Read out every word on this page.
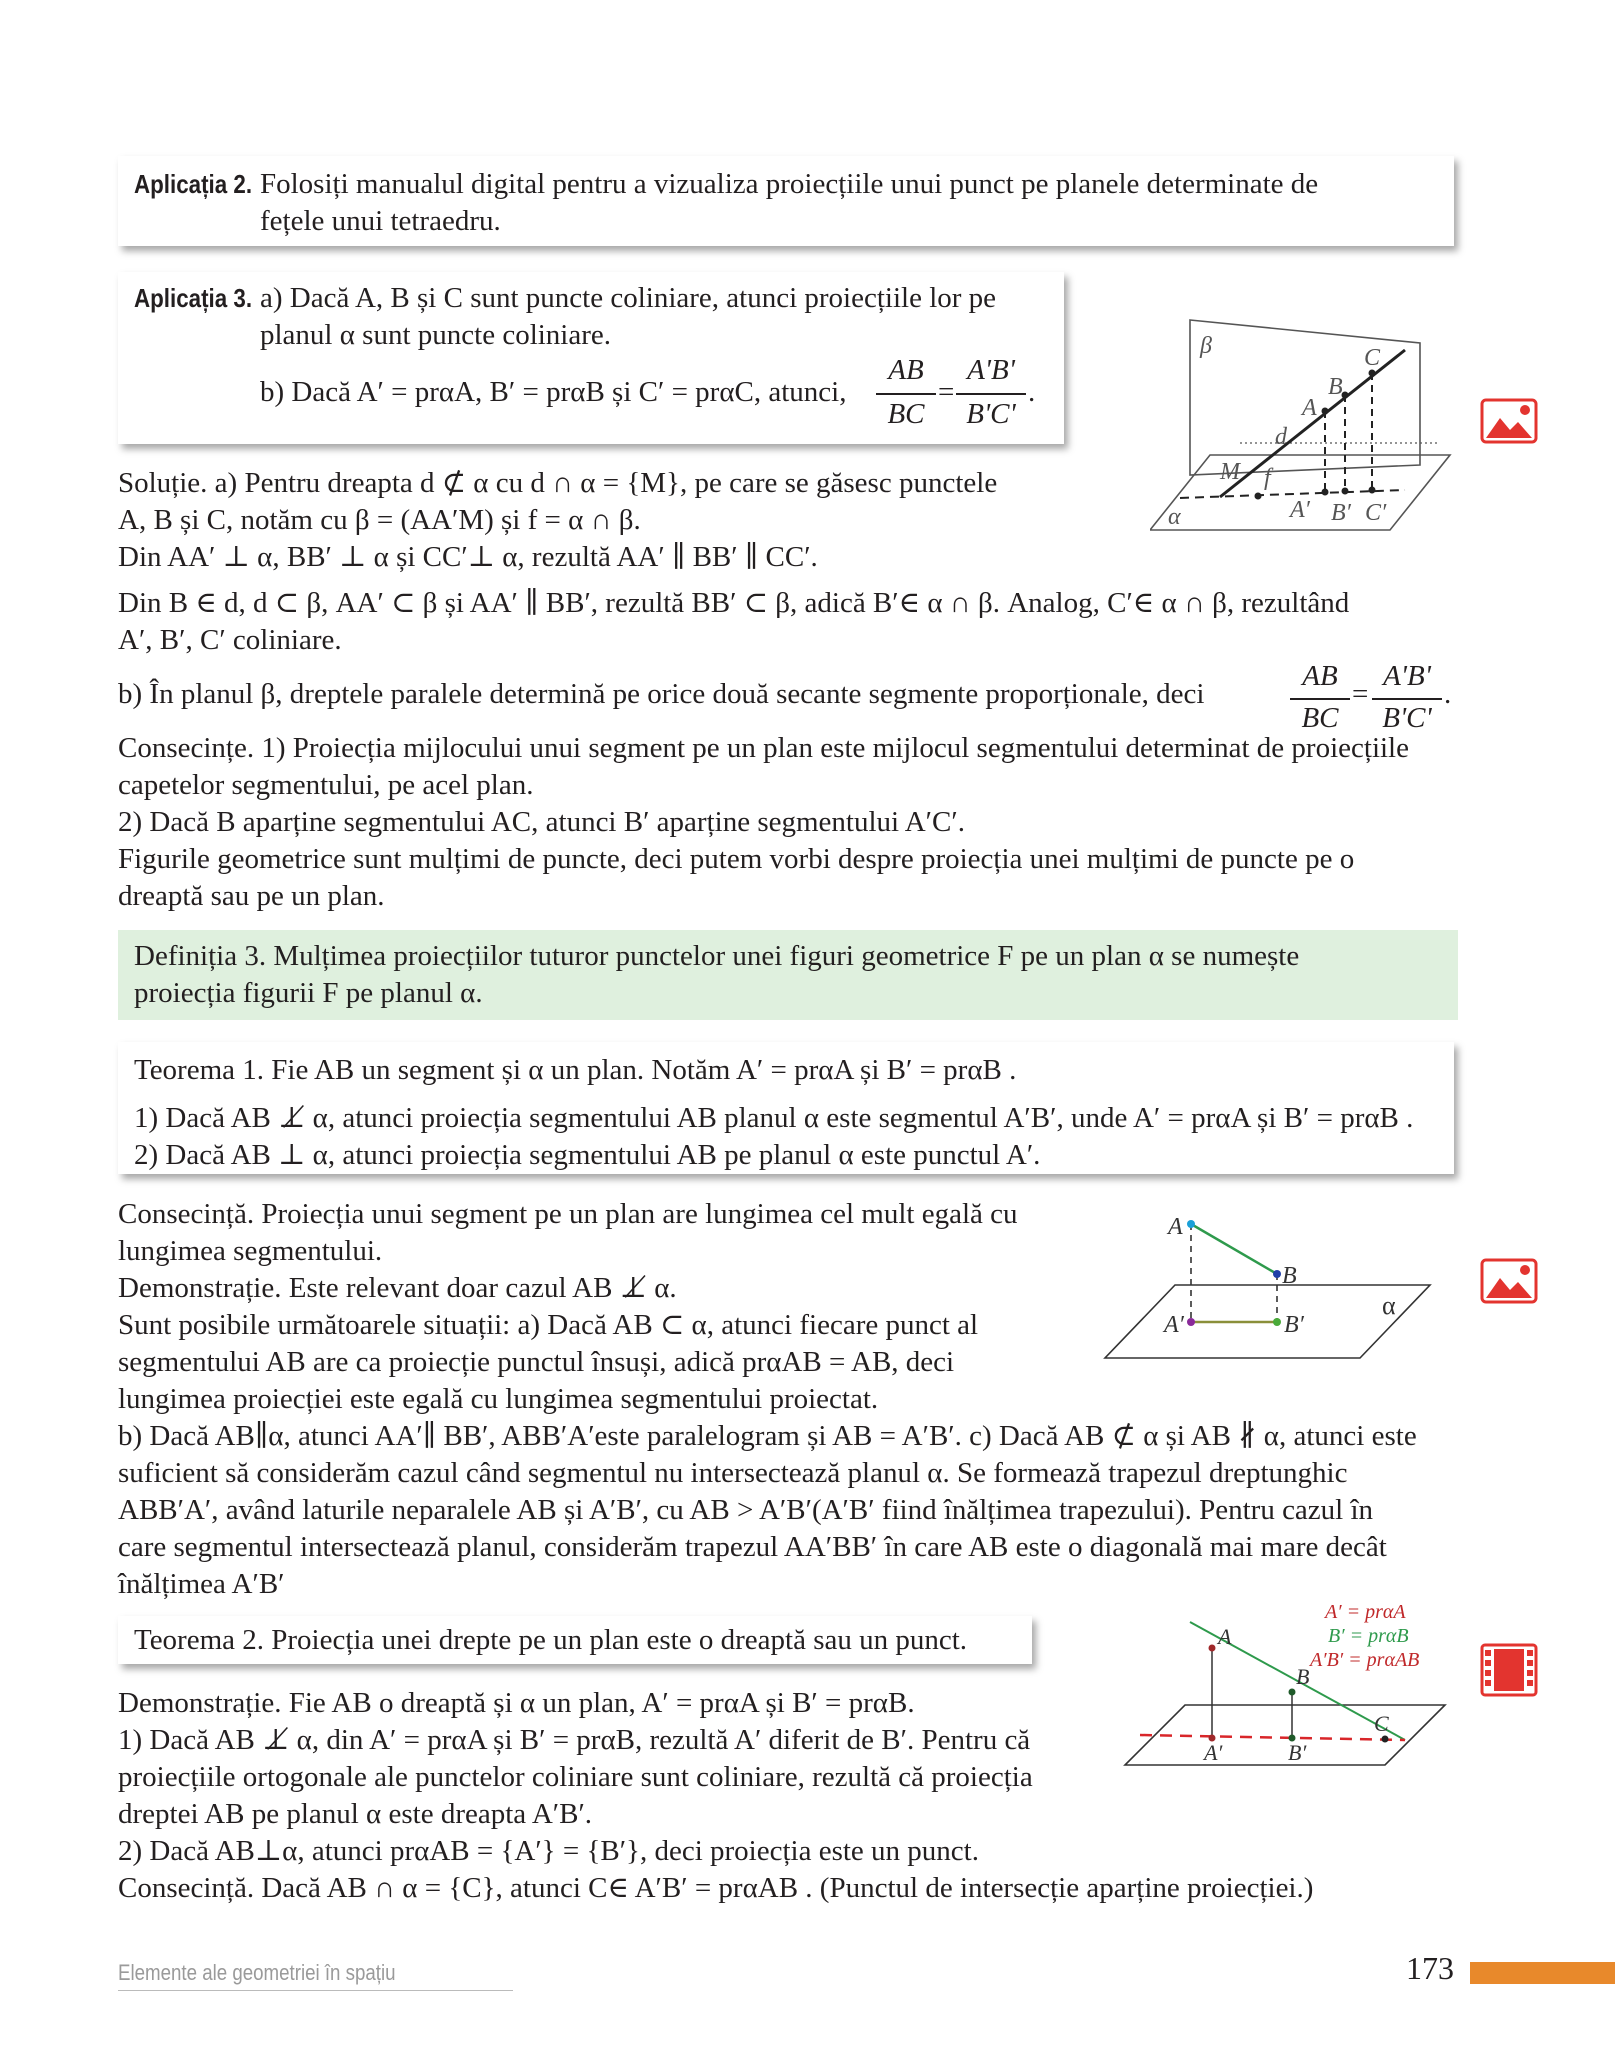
Aplicația 2. Folosiți manualul digital pentru a vizualiza proiecțiile unui punct pe planele determinate de
fețele unui tetraedru.
Aplicația 3. a) Dacă A, B și C sunt puncte coliniare, atunci proiecțiile lor pe
planul α sunt puncte coliniare.
b) Dacă A′ = prαA, B′ = prαB și C′ = prαC, atunci,
AB
BC
=
A'B'
B'C'
.
β
α
C
B
A
d
M f
A′ B′ C′
Soluție. a) Pentru dreapta d ⊄ α cu d ∩ α = {M}, pe care se găsesc punctele
A, B și C, notăm cu β = (AA′M) și f = α ∩ β.
Din AA′ ⊥ α, BB′ ⊥ α și CC′⊥ α, rezultă AA′ ∥ BB′ ∥ CC′.
Din B ∈ d, d ⊂ β, AA′ ⊂ β și AA′ ∥ BB′, rezultă BB′ ⊂ β, adică B′∈ α ∩ β. Analog, C′∈ α ∩ β, rezultând
A′, B′, C′ coliniare.
b) În planul β, dreptele paralele determină pe orice două secante segmente proporționale, deci
AB
BC
=
A'B'
B'C'
.
Consecințe. 1) Proiecția mijlocului unui segment pe un plan este mijlocul segmentului determinat de proiecțiile
capetelor segmentului, pe acel plan.
2) Dacă B aparține segmentului AC, atunci B′ aparține segmentului A′C′.
Figurile geometrice sunt mulțimi de puncte, deci putem vorbi despre proiecția unei mulțimi de puncte pe o
dreaptă sau pe un plan.
Definiția 3. Mulțimea proiecțiilor tuturor punctelor unei figuri geometrice F pe un plan α se numește
proiecția figurii F pe planul α.
Teorema 1. Fie AB un segment și α un plan. Notăm A′ = prαA și B′ = prαB .
1) Dacă AB ⊥̸ α, atunci proiecția segmentului AB planul α este segmentul A′B′, unde A′ = prαA și B′ = prαB .
2) Dacă AB ⊥ α, atunci proiecția segmentului AB pe planul α este punctul A′.
Consecință. Proiecția unui segment pe un plan are lungimea cel mult egală cu
lungimea segmentului.
Demonstrație. Este relevant doar cazul AB ⊥̸ α.
Sunt posibile următoarele situații: a) Dacă AB ⊂ α, atunci fiecare punct al
segmentului AB are ca proiecție punctul însuși, adică prαAB = AB, deci
lungimea proiecției este egală cu lungimea segmentului proiectat.
b) Dacă AB∥α, atunci AA′∥ BB′, ABB′A′este paralelogram și AB = A′B′. c) Dacă AB ⊄ α și AB ∦ α, atunci este
suficient să considerăm cazul când segmentul nu intersectează planul α. Se formează trapezul dreptunghic
ABB′A′, având laturile neparalele AB și A′B′, cu AB > A′B′(A′B′ fiind înălțimea trapezului). Pentru cazul în
care segmentul intersectează planul, considerăm trapezul AA′BB′ în care AB este o diagonală mai mare decât
înălțimea A′B′
A
B
A′	B′
α
Teorema 2. Proiecția unei drepte pe un plan este o dreaptă sau un punct.
Demonstrație. Fie AB o dreaptă și α un plan, A′ = prαA și B′ = prαB.
1) Dacă AB ⊥̸ α, din A′ = prαA și B′ = prαB, rezultă A′ diferit de B′. Pentru că
proiecțiile ortogonale ale punctelor coliniare sunt coliniare, rezultă că proiecția
dreptei AB pe planul α este dreapta A′B′.
2) Dacă AB⊥α, atunci prαAB = {A′} = {B′}, deci proiecția este un punct.
Consecință. Dacă AB ∩ α = {C}, atunci C∈ A′B′ = prαAB . (Punctul de intersecție aparține proiecției.)
A
B
C
A′	B′
A′ = prαA
B′ = prαB
A′B′ = prαAB
Elemente ale geometriei în spațiu	173
